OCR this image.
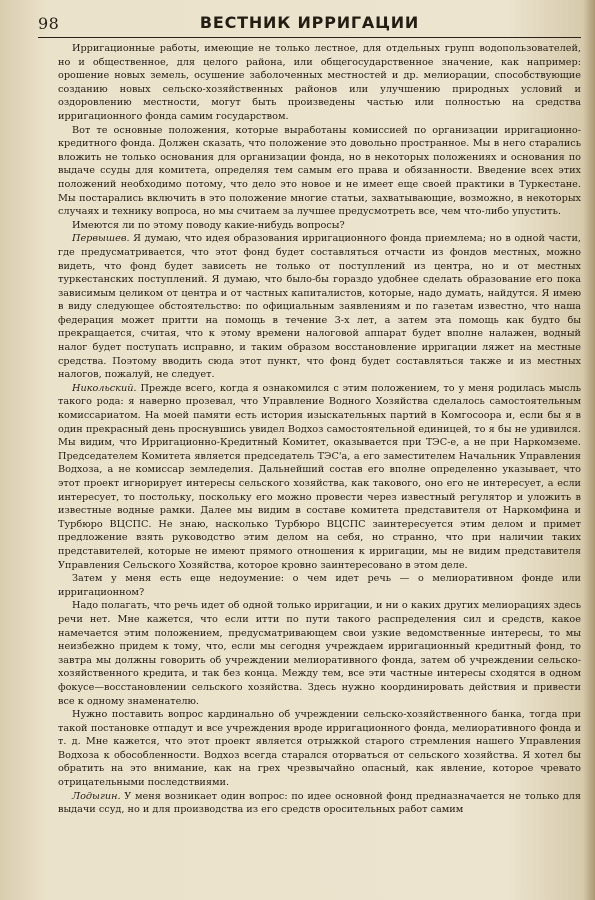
98	ВЕСТНИК ИРРИГАЦИИ

Ирригационные работы, имеющие не только лестное, для отдельных групп водопользователей, но и общественное, для целого района, или общегосударственное значение, как например: орошение новых земель, осушение заболоченных местностей и др. мелиорации, способствующие созданию новых сельско-хозяйственных районов или улучшению природных условий и оздоровлению местности, могут быть произведены частью или полностью на средства ирригационного фонда самим государством.

Вот те основные положения, которые выработаны комиссией по организации ирригационно-кредитного фонда. Должен сказать, что положение это довольно пространное. Мы в него старались вложить не только основания для организации фонда, но в некоторых положениях и основания по выдаче ссуды для комитета, определяя тем самым его права и обязанности. Введение всех этих положений необходимо потому, что дело это новое и не имеет еще своей практики в Туркестане. Мы постарались включить в это положение многие статьи, захватывающие, возможно, в некоторых случаях и технику вопроса, но мы считаем за лучшее предусмотреть все, чем что-либо упустить.

Имеются ли по этому поводу какие-нибудь вопросы?

Первышев. Я думаю, что идея образования ирригационного фонда приемлема; но в одной части, где предусматривается, что этот фонд будет составляться отчасти из фондов местных, можно видеть, что фонд будет зависеть не только от поступлений из центра, но и от местных туркестанских поступлений. Я думаю, что было-бы гораздо удобнее сделать образование его пока зависимым целиком от центра и от частных капиталистов, которые, надо думать, найдутся. Я имею в виду следующее обстоятельство: по официальным заявлениям и по газетам известно, что наша федерация может притти на помощь в течение 3-х лет, а затем эта помощь как будто бы прекращается, считая, что к этому времени налоговой аппарат будет вполне налажен, водный налог будет поступать исправно, и таким образом восстановление ирригации ляжет на местные средства. Поэтому вводить сюда этот пункт, что фонд будет составляться также и из местных налогов, пожалуй, не следует.

Никольский. Прежде всего, когда я ознакомился с этим положением, то у меня родилась мысль такого рода: я наверно прозевал, что Управление Водного Хозяйства сделалось самостоятельным комиссариатом. На моей памяти есть история изыскательных партий в Комгосоора и, если бы я в один прекрасный день проснувшись увидел Водхоз самостоятельной единицей, то я бы не удивился. Мы видим, что Ирригационно-Кредитный Комитет, оказывается при ТЭС-е, а не при Наркомземе. Председателем Комитета является председатель ТЭС'а, а его заместителем Начальник Управления Водхоза, а не комиссар земледелия. Дальнейший состав его вполне определенно указывает, что этот проект игнорирует интересы сельского хозяйства, как такового, оно его не интересует, а если интересует, то постольку, поскольку его можно провести через известный регулятор и уложить в известные водные рамки. Далее мы видим в составе комитета представителя от Наркомфина и Турбюро ВЦСПС. Не знаю, насколько Турбюро ВЦСПС заинтересуется этим делом и примет предложение взять руководство этим делом на себя, но странно, что при наличии таких представителей, которые не имеют прямого отношения к ирригации, мы не видим представителя Управления Сельского Хозяйства, которое кровно заинтересовано в этом деле.

Затем у меня есть еще недоумение: о чем идет речь — о мелиоративном фонде или ирригационном?

Надо полагать, что речь идет об одной только ирригации, и ни о каких других мелиорациях здесь речи нет. Мне кажется, что если итти по пути такого распределения сил и средств, какое намечается этим положением, предусматривающем свои узкие ведомственные интересы, то мы неизбежно придем к тому, что, если мы сегодня учреждаем ирригационный кредитный фонд, то завтра мы должны говорить об учреждении мелиоративного фонда, затем об учреждении сельско-хозяйственного кредита, и так без конца. Между тем, все эти частные интересы сходятся в одном фокусе—восстановлении сельского хозяйства. Здесь нужно координировать действия и привести все к одному знаменателю.

Нужно поставить вопрос кардинально об учреждении сельско-хозяйственного банка, тогда при такой постановке отпадут и все учреждения вроде ирригационного фонда, мелиоративного фонда и т. д. Мне кажется, что этот проект является отрыжкой старого стремления нашего Управления Водхоза к обособленности. Водхоз всегда старался оторваться от сельского хозяйства. Я хотел бы обратить на это внимание, как на грех чрезвычайно опасный, как явление, которое чревато отрицательными последствиями.

Лодыгин. У меня возникает один вопрос: по идее основной фонд предназначается не только для выдачи ссуд, но и для производства из его средств оросительных работ самим
